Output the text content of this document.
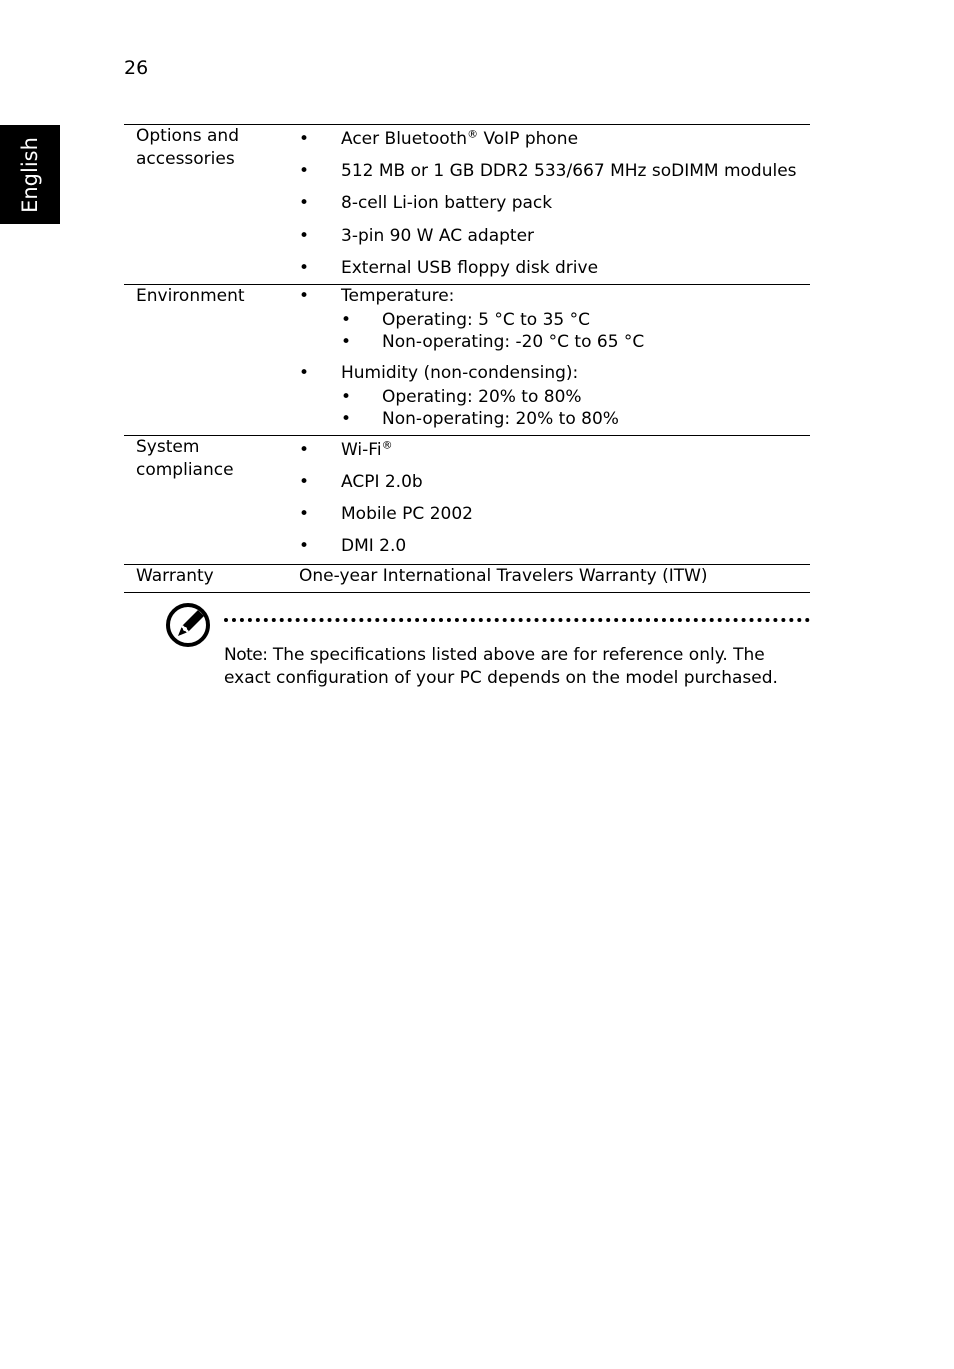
26
English
Options and
accessories
•	Acer Bluetooth® VoIP phone
•	512 MB or 1 GB DDR2 533/667 MHz soDIMM modules
•	8-cell Li-ion battery pack
•	3-pin 90 W AC adapter
•	External USB floppy disk drive
Environment	•	Temperature:
•	Operating: 5 °C to 35 °C
•	Non-operating: -20 °C to 65 °C
•	Humidity (non-condensing):
•	Operating: 20% to 80%
•	Non-operating: 20% to 80%
System
compliance
•	Wi-Fi®
•	ACPI 2.0b
•	Mobile PC 2002
•	DMI 2.0
Warranty	One-year International Travelers Warranty (ITW)
Note: The specifications listed above are for reference only. The
exact configuration of your PC depends on the model purchased.
